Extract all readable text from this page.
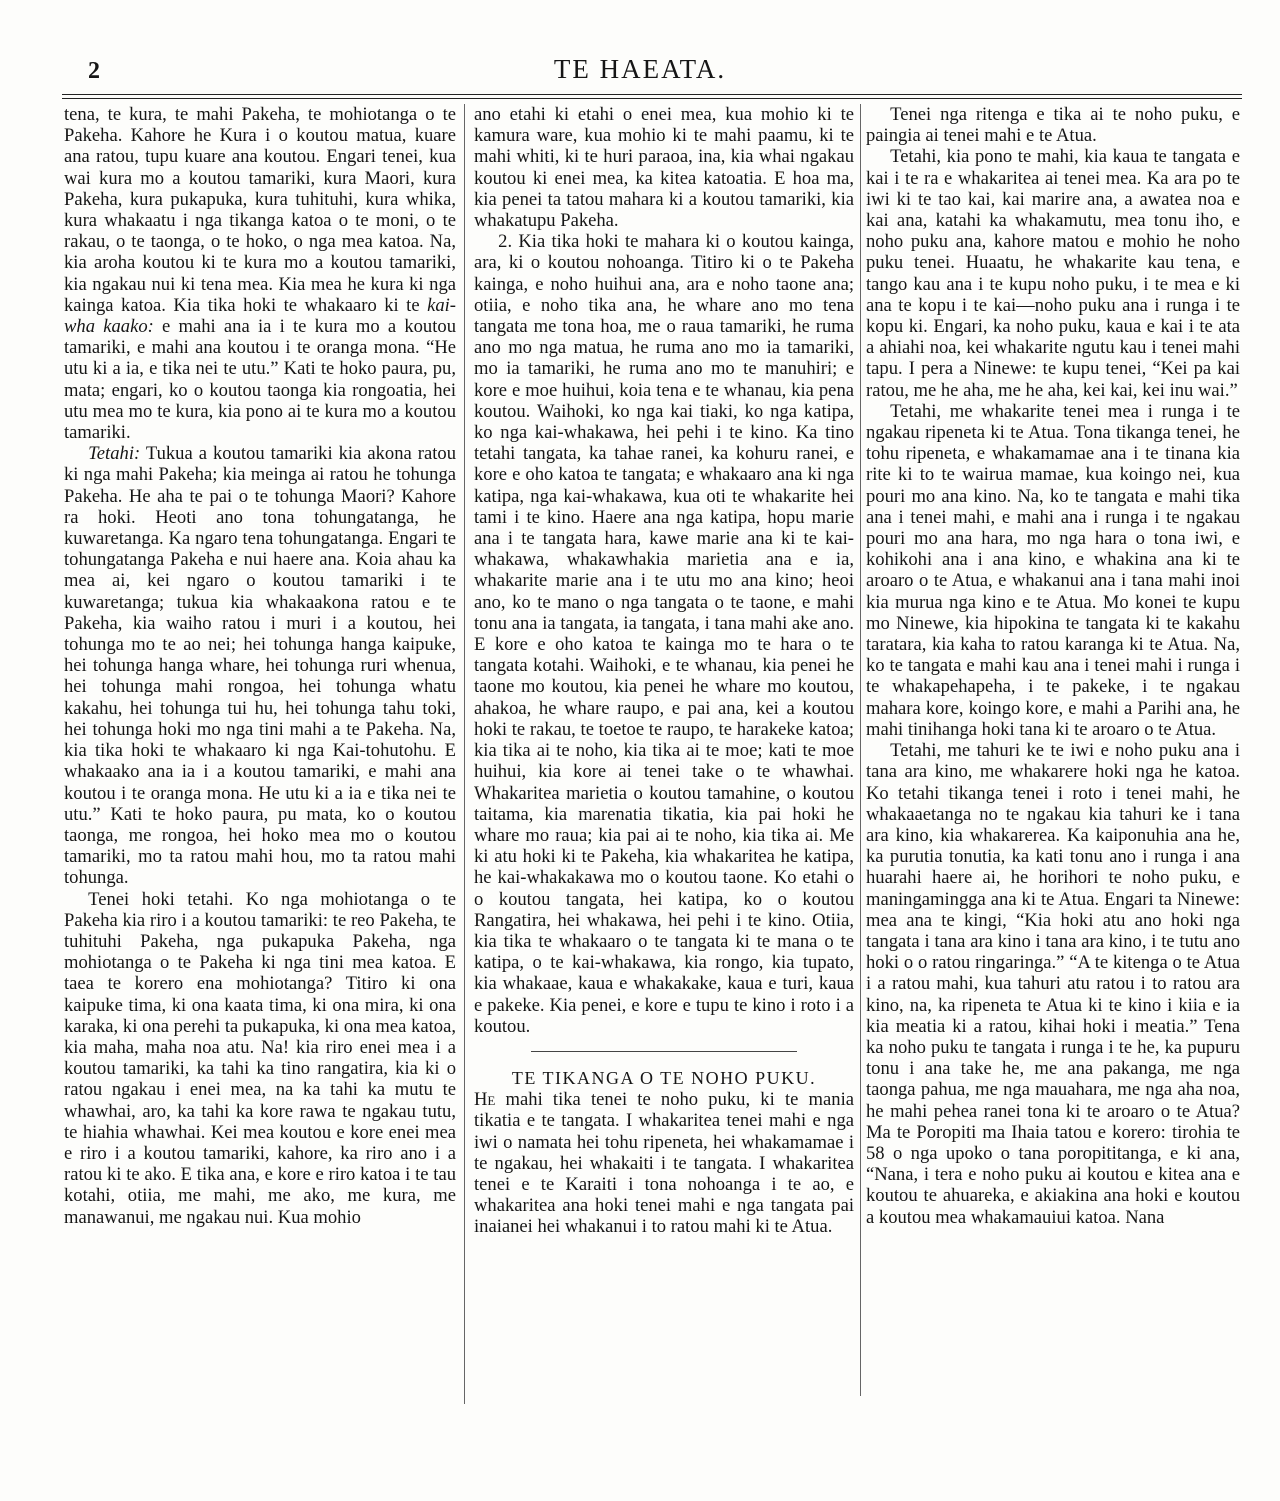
2	TE HAEATA.

tena, te kura, te mahi Pakeha, te mohiotanga o te Pakeha. Kahore he Kura i o koutou matua, kuare ana ratou, tupu kuare ana koutou. Engari tenei, kua wai kura mo a koutou tamariki, kura Maori, kura Pakeha, kura pukapuka, kura tuhituhi, kura whika, kura whakaatu i nga tikanga katoa o te moni, o te rakau, o te taonga, o te hoko, o nga mea katoa. Na, kia aroha koutou ki te kura mo a koutou tamariki, kia ngakau nui ki tena mea. Kia mea he kura ki nga kainga katoa. Kia tika hoki te whakaaro ki te kai-wha kaako: e mahi ana ia i te kura mo a koutou tamariki, e mahi ana koutou i te oranga mona. “He utu ki a ia, e tika nei te utu.” Kati te hoko paura, pu, mata; engari, ko o koutou taonga kia rongoatia, hei utu mea mo te kura, kia pono ai te kura mo a koutou tamariki.

Tetahi: Tukua a koutou tamariki kia akona ratou ki nga mahi Pakeha; kia meinga ai ratou he tohunga Pakeha. He aha te pai o te tohunga Maori? Kahore ra hoki. Heoti ano tona tohungatanga, he kuwaretanga. Ka ngaro tena tohungatanga. Engari te tohungatanga Pakeha e nui haere ana. Koia ahau ka mea ai, kei ngaro o koutou tamariki i te kuwaretanga; tukua kia whakaakona ratou e te Pakeha, kia waiho ratou i muri i a koutou, hei tohunga mo te ao nei; hei tohunga hanga kaipuke, hei tohunga hanga whare, hei tohunga ruri whenua, hei tohunga mahi rongoa, hei tohunga whatu kakahu, hei tohunga tui hu, hei tohunga tahu toki, hei tohunga hoki mo nga tini mahi a te Pakeha. Na, kia tika hoki te whakaaro ki nga Kai-tohutohu. E whakaako ana ia i a koutou tamariki, e mahi ana koutou i te oranga mona. He utu ki a ia e tika nei te utu.” Kati te hoko paura, pu mata, ko o koutou taonga, me rongoa, hei hoko mea mo o koutou tamariki, mo ta ratou mahi hou, mo ta ratou mahi tohunga.

Tenei hoki tetahi. Ko nga mohiotanga o te Pakeha kia riro i a koutou tamariki: te reo Pakeha, te tuhituhi Pakeha, nga pukapuka Pakeha, nga mohiotanga o te Pakeha ki nga tini mea katoa. E taea te korero ena mohiotanga? Titiro ki ona kaipuke tima, ki ona kaata tima, ki ona mira, ki ona karaka, ki ona perehi ta pukapuka, ki ona mea katoa, kia maha, maha noa atu. Na! kia riro enei mea i a koutou tamariki, ka tahi ka tino rangatira, kia ki o ratou ngakau i enei mea, na ka tahi ka mutu te whawhai, aro, ka tahi ka kore rawa te ngakau tutu, te hiahia whawhai. Kei mea koutou e kore enei mea e riro i a koutou tamariki, kahore, ka riro ano i a ratou ki te ako. E tika ana, e kore e riro katoa i te tau kotahi, otiia, me mahi, me ako, me kura, me manawanui, me ngakau nui. Kua mohio

ano etahi ki etahi o enei mea, kua mohio ki te kamura ware, kua mohio ki te mahi paamu, ki te mahi whiti, ki te huri paraoa, ina, kia whai ngakau koutou ki enei mea, ka kitea katoatia. E hoa ma, kia penei ta tatou mahara ki a koutou tamariki, kia whakatupu Pakeha.

2. Kia tika hoki te mahara ki o koutou kainga, ara, ki o koutou nohoanga. Titiro ki o te Pakeha kainga, e noho huihui ana, ara e noho taone ana; otiia, e noho tika ana, he whare ano mo tena tangata me tona hoa, me o raua tamariki, he ruma ano mo nga matua, he ruma ano mo ia tamariki, mo ia tamariki, he ruma ano mo te manuhiri; e kore e moe huihui, koia tena e te whanau, kia pena koutou. Waihoki, ko nga kai tiaki, ko nga katipa, ko nga kai-whakawa, hei pehi i te kino. Ka tino tetahi tangata, ka tahae ranei, ka kohuru ranei, e kore e oho katoa te tangata; e whakaaro ana ki nga katipa, nga kai-whakawa, kua oti te whakarite hei tami i te kino. Haere ana nga katipa, hopu marie ana i te tangata hara, kawe marie ana ki te kai-whakawa, whakawhakia marietia ana e ia, whakarite marie ana i te utu mo ana kino; heoi ano, ko te mano o nga tangata o te taone, e mahi tonu ana ia tangata, ia tangata, i tana mahi ake ano. E kore e oho katoa te kainga mo te hara o te tangata kotahi. Waihoki, e te whanau, kia penei he taone mo koutou, kia penei he whare mo koutou, ahakoa, he whare raupo, e pai ana, kei a koutou hoki te rakau, te toetoe te raupo, te harakeke katoa; kia tika ai te noho, kia tika ai te moe; kati te moe huihui, kia kore ai tenei take o te whawhai. Whakaritea marietia o koutou tamahine, o koutou taitama, kia marenatia tikatia, kia pai hoki he whare mo raua; kia pai ai te noho, kia tika ai. Me ki atu hoki ki te Pakeha, kia whakaritea he katipa, he kai-whakakawa mo o koutou taone. Ko etahi o o koutou tangata, hei katipa, ko o koutou Rangatira, hei whakawa, hei pehi i te kino. Otiia, kia tika te whakaaro o te tangata ki te mana o te katipa, o te kai-whakawa, kia rongo, kia tupato, kia whakaae, kaua e whakakake, kaua e turi, kaua e pakeke. Kia penei, e kore e tupu te kino i roto i a koutou.

TE TIKANGA O TE NOHO PUKU.

He mahi tika tenei te noho puku, ki te mania tikatia e te tangata. I whakaritea tenei mahi e nga iwi o namata hei tohu ripeneta, hei whakamamae i te ngakau, hei whakaiti i te tangata. I whakaritea tenei e te Karaiti i tona nohoanga i te ao, e whakaritea ana hoki tenei mahi e nga tangata pai inaianei hei whakanui i to ratou mahi ki te Atua.

Tenei nga ritenga e tika ai te noho puku, e paingia ai tenei mahi e te Atua.

Tetahi, kia pono te mahi, kia kaua te tangata e kai i te ra e whakaritea ai tenei mea. Ka ara po te iwi ki te tao kai, kai marire ana, a awatea noa e kai ana, katahi ka whakamutu, mea tonu iho, e noho puku ana, kahore matou e mohio he noho puku tenei. Huaatu, he whakarite kau tena, e tango kau ana i te kupu noho puku, i te mea e ki ana te kopu i te kai—noho puku ana i runga i te kopu ki. Engari, ka noho puku, kaua e kai i te ata a ahiahi noa, kei whakarite ngutu kau i tenei mahi tapu. I pera a Ninewe: te kupu tenei, “Kei pa kai ratou, me he aha, me he aha, kei kai, kei inu wai.”

Tetahi, me whakarite tenei mea i runga i te ngakau ripeneta ki te Atua. Tona tikanga tenei, he tohu ripeneta, e whakamamae ana i te tinana kia rite ki to te wairua mamae, kua koingo nei, kua pouri mo ana kino. Na, ko te tangata e mahi tika ana i tenei mahi, e mahi ana i runga i te ngakau pouri mo ana hara, mo nga hara o tona iwi, e kohikohi ana i ana kino, e whakina ana ki te aroaro o te Atua, e whakanui ana i tana mahi inoi kia murua nga kino e te Atua. Mo konei te kupu mo Ninewe, kia hipokina te tangata ki te kakahu taratara, kia kaha to ratou karanga ki te Atua. Na, ko te tangata e mahi kau ana i tenei mahi i runga i te whakapehapeha, i te pakeke, i te ngakau mahara kore, koingo kore, e mahi a Parihi ana, he mahi tinihanga hoki tana ki te aroaro o te Atua.

Tetahi, me tahuri ke te iwi e noho puku ana i tana ara kino, me whakarere hoki nga he katoa. Ko tetahi tikanga tenei i roto i tenei mahi, he whakaaetanga no te ngakau kia tahuri ke i tana ara kino, kia whakarerea. Ka kaiponuhia ana he, ka purutia tonutia, ka kati tonu ano i runga i ana huarahi haere ai, he horihori te noho puku, e maningamingga ana ki te Atua. Engari ta Ninewe: mea ana te kingi, “Kia hoki atu ano hoki nga tangata i tana ara kino i tana ara kino, i te tutu ano hoki o o ratou ringaringa.” “A te kitenga o te Atua i a ratou mahi, kua tahuri atu ratou i to ratou ara kino, na, ka ripeneta te Atua ki te kino i kiia e ia kia meatia ki a ratou, kihai hoki i meatia.” Tena ka noho puku te tangata i runga i te he, ka pupuru tonu i ana take he, me ana pakanga, me nga taonga pahua, me nga mauahara, me nga aha noa, he mahi pehea ranei tona ki te aroaro o te Atua? Ma te Poropiti ma Ihaia tatou e korero: tirohia te 58 o nga upoko o tana poropititanga, e ki ana, “Nana, i tera e noho puku ai koutou e kitea ana e koutou te ahuareka, e akiakina ana hoki e koutou a koutou mea whakamauiui katoa. Nana
